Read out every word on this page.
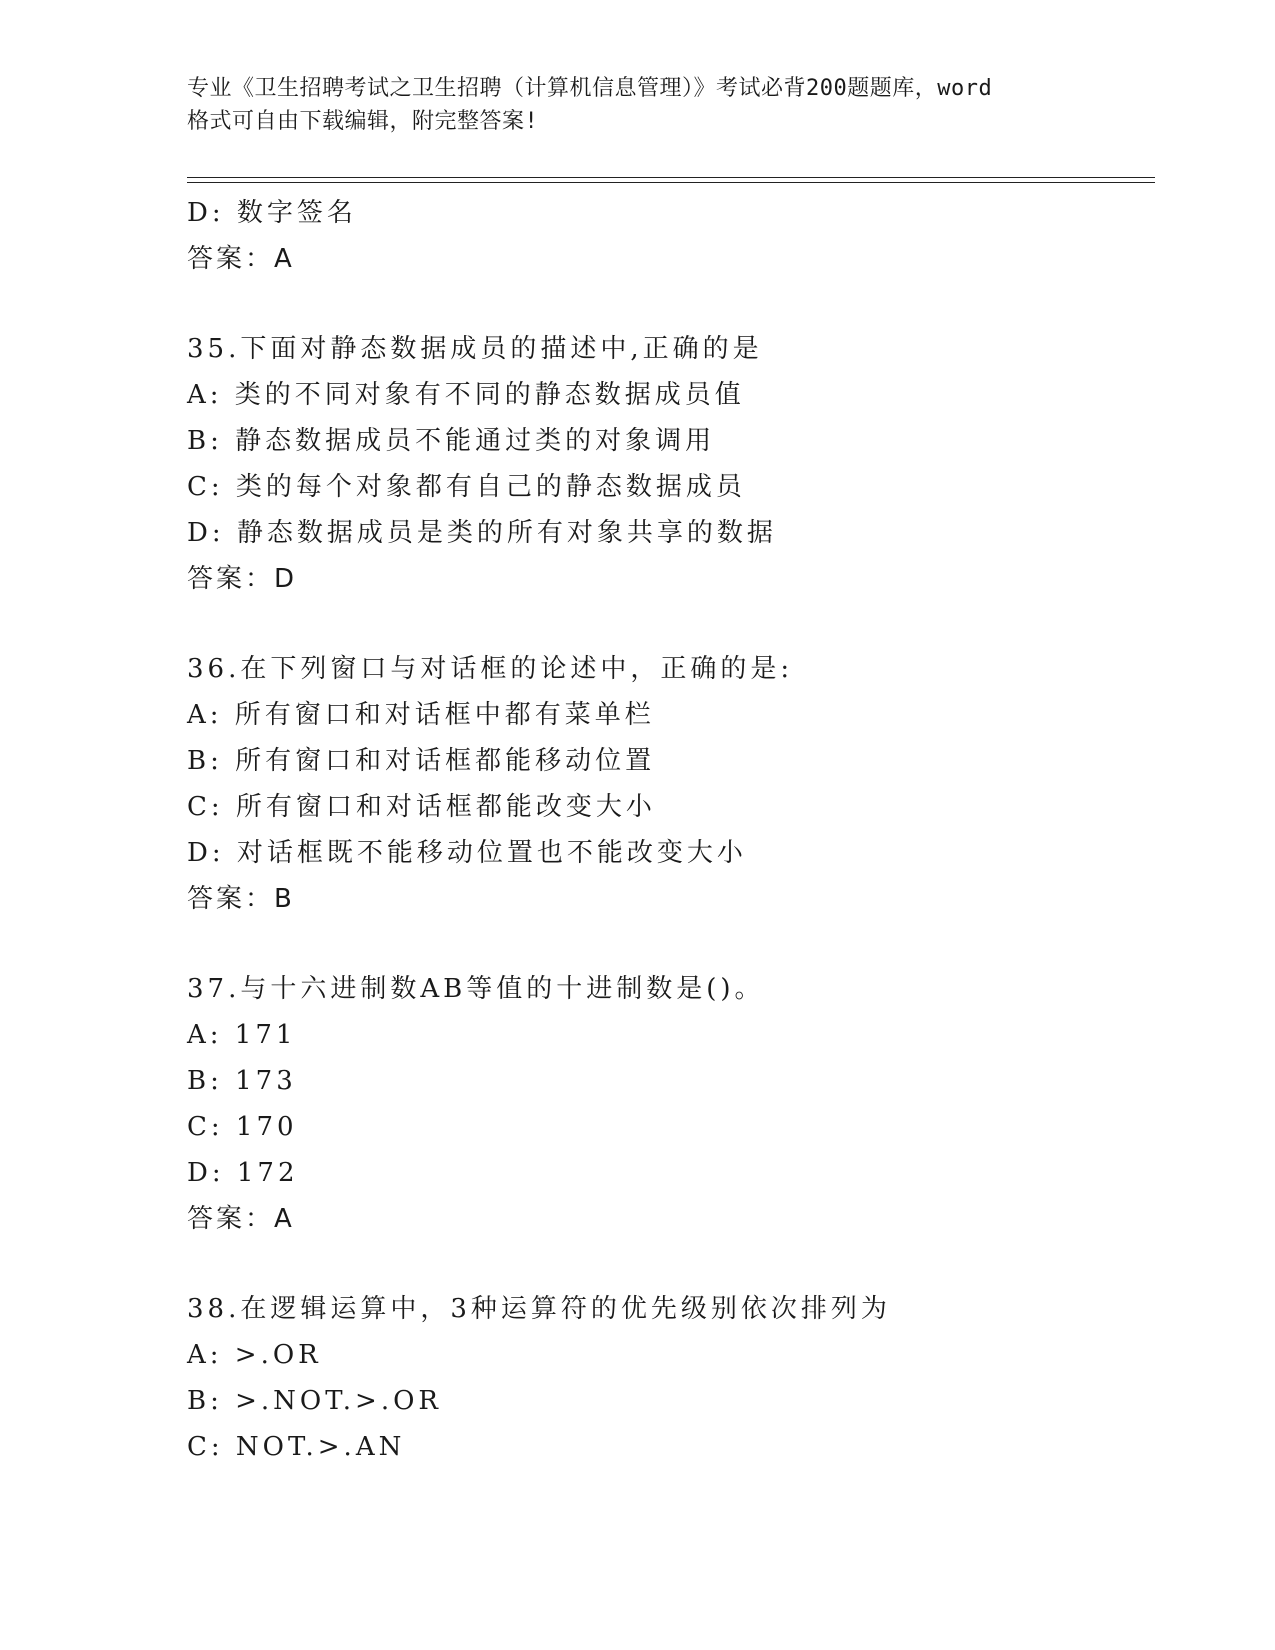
专业《卫生招聘考试之卫生招聘（计算机信息管理）》考试必背200题题库，word
格式可自由下载编辑，附完整答案!
D: 数字签名
答案：A
35.下面对静态数据成员的描述中,正确的是
A: 类的不同对象有不同的静态数据成员值
B: 静态数据成员不能通过类的对象调用
C: 类的每个对象都有自己的静态数据成员
D: 静态数据成员是类的所有对象共享的数据
答案：D
36.在下列窗口与对话框的论述中，正确的是:
A: 所有窗口和对话框中都有菜单栏
B: 所有窗口和对话框都能移动位置
C: 所有窗口和对话框都能改变大小
D: 对话框既不能移动位置也不能改变大小
答案：B
37.与十六进制数AB等值的十进制数是()。
A: 171
B: 173
C: 170
D: 172
答案：A
38.在逻辑运算中，3种运算符的优先级别依次排列为
A: >.OR
B: >.NOT.>.OR
C: NOT.>.AN
